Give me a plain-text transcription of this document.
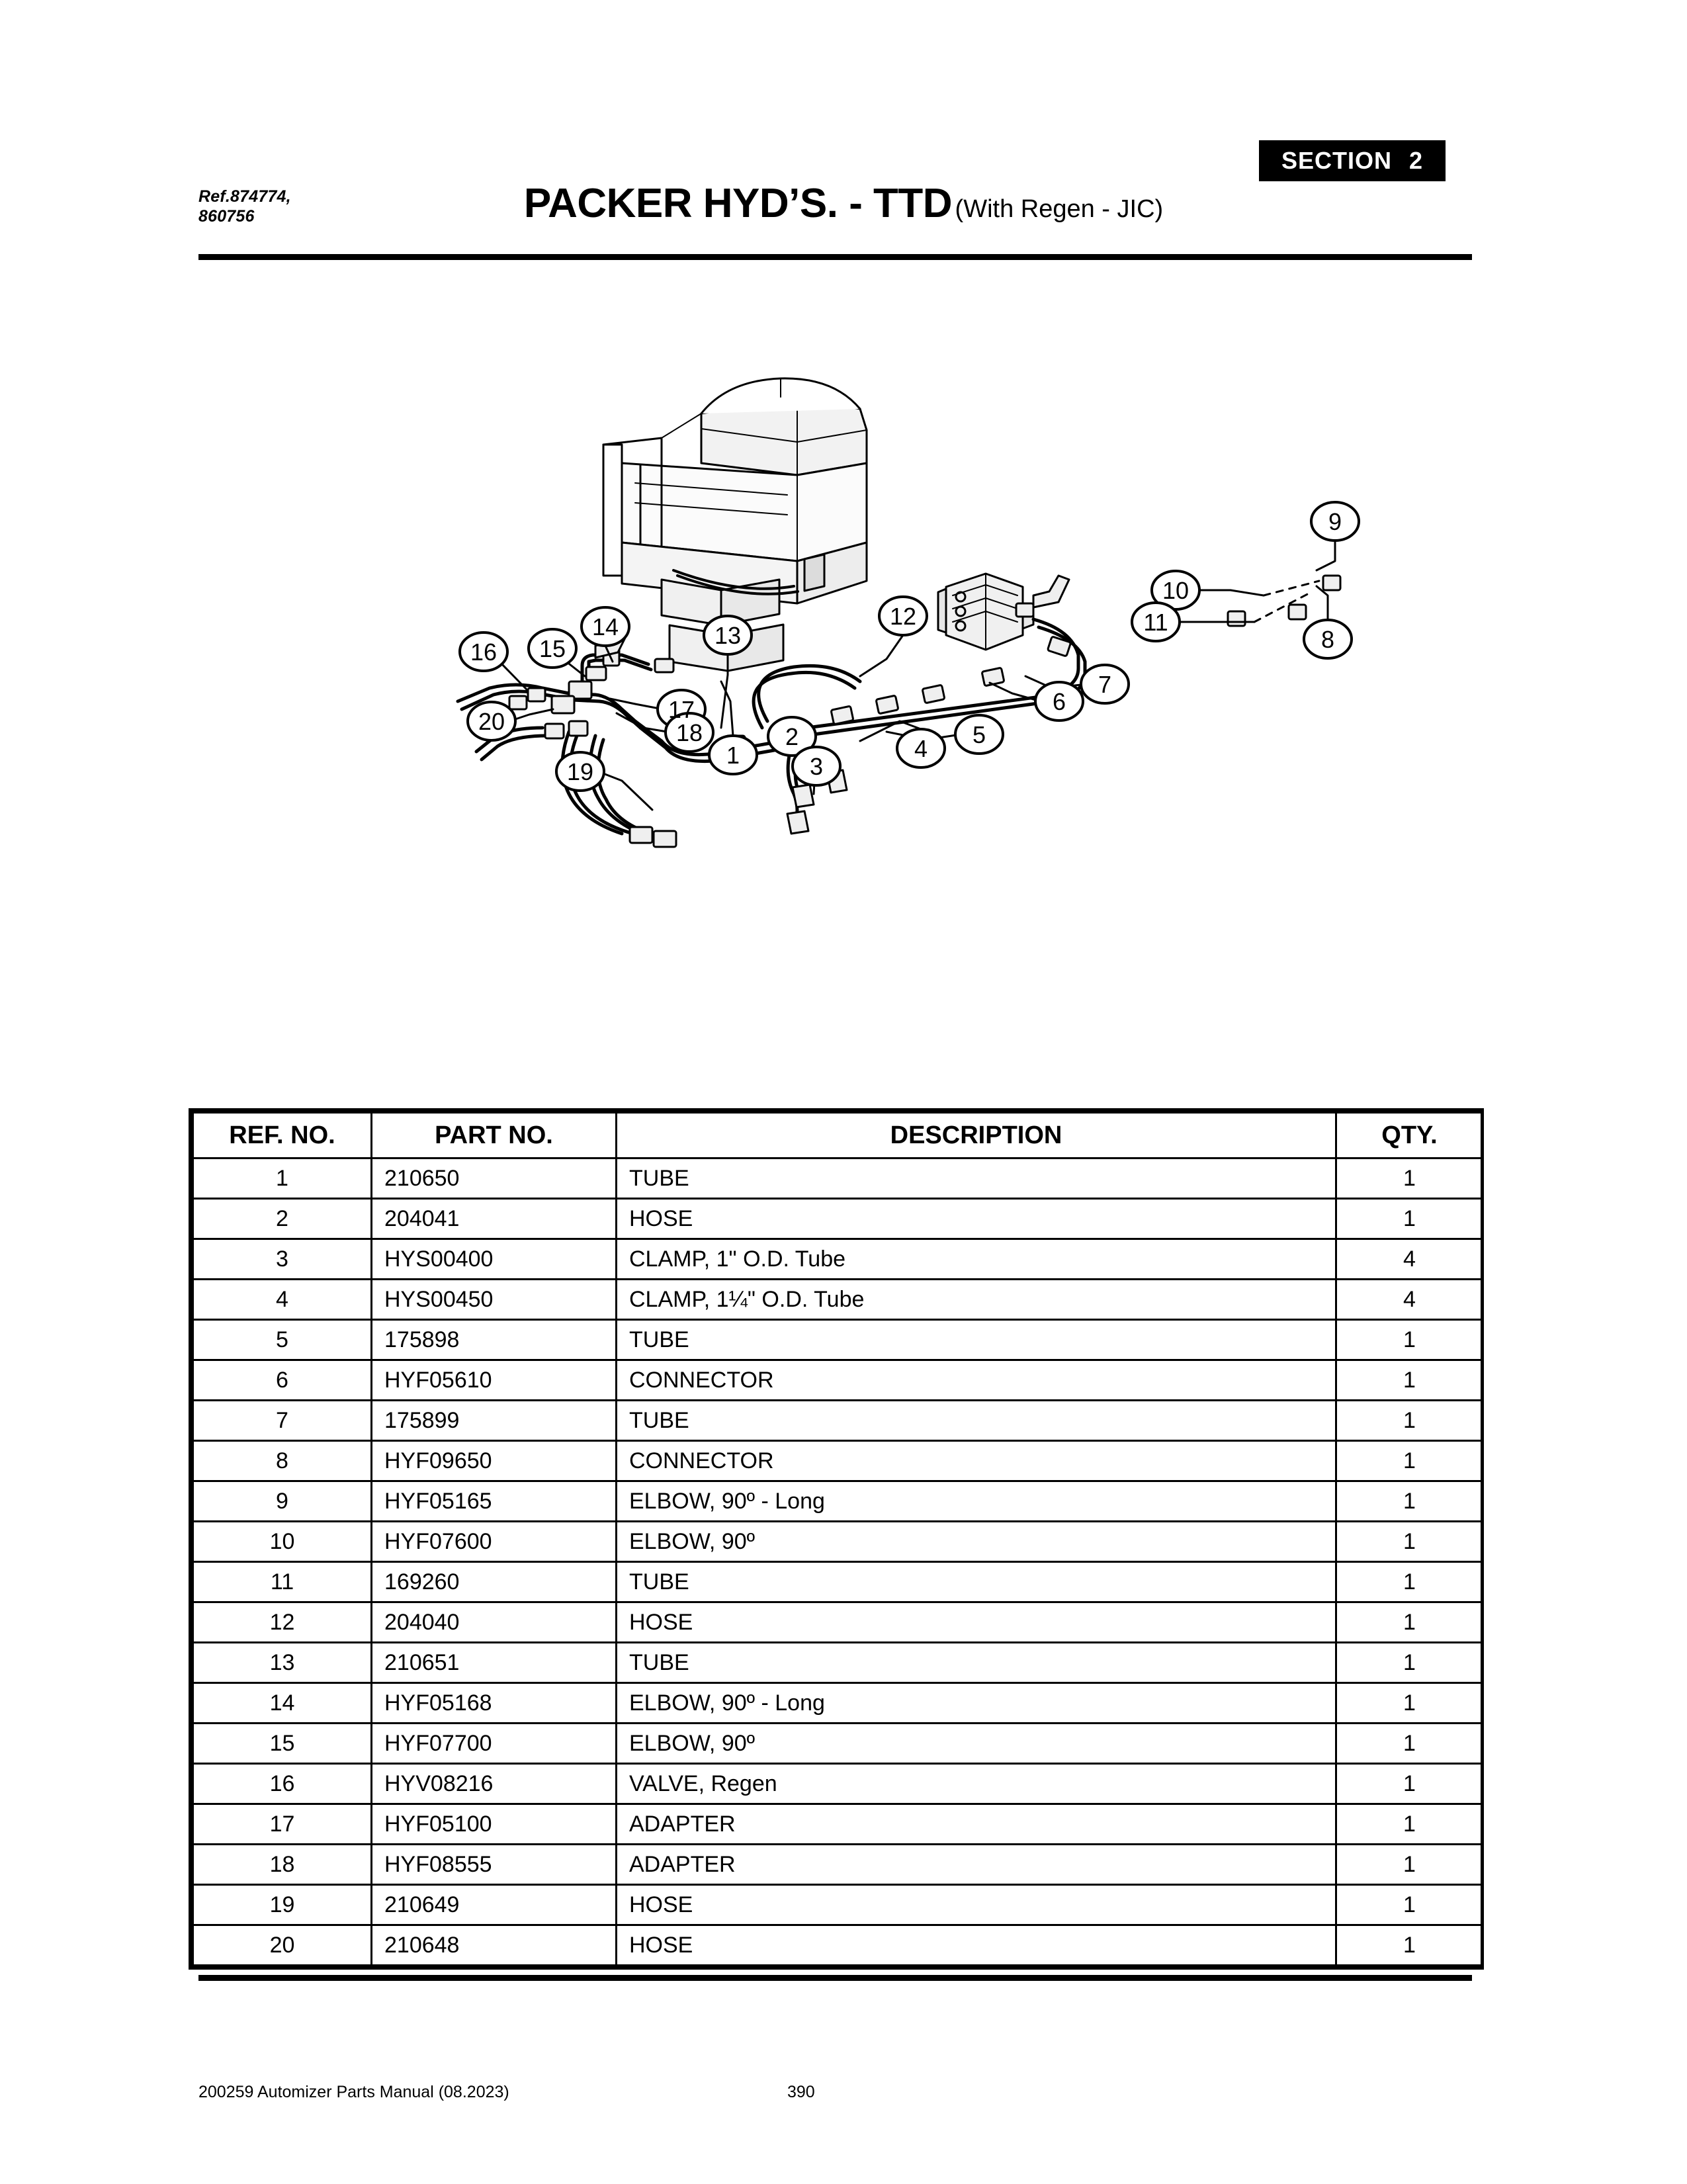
Ref.874774,
860756
SECTION 2
PACKER HYD’S. - TTD (With Regen - JIC)
9
10
11
8
14	13
12
16 15
7
6
17
18
20	5
2	4
1	3
19
REF. NO.	PART NO.	DESCRIPTION	QTY.
1	210650	TUBE	1
2	204041	HOSE	1
3	HYS00400	CLAMP, 1" O.D. Tube	4
4	HYS00450	CLAMP, 1¼" O.D. Tube	4
5	175898	TUBE	1
6	HYF05610	CONNECTOR	1
7	175899	TUBE	1
8	HYF09650	CONNECTOR	1
9	HYF05165	ELBOW, 90º - Long	1
10	HYF07600	ELBOW, 90º	1
11	169260	TUBE	1
12	204040	HOSE	1
13	210651	TUBE	1
14	HYF05168	ELBOW, 90º - Long	1
15	HYF07700	ELBOW, 90º	1
16	HYV08216	VALVE, Regen	1
17	HYF05100	ADAPTER	1
18	HYF08555	ADAPTER	1
19	210649	HOSE	1
20	210648	HOSE	1
200259 Automizer Parts Manual (08.2023)	390
